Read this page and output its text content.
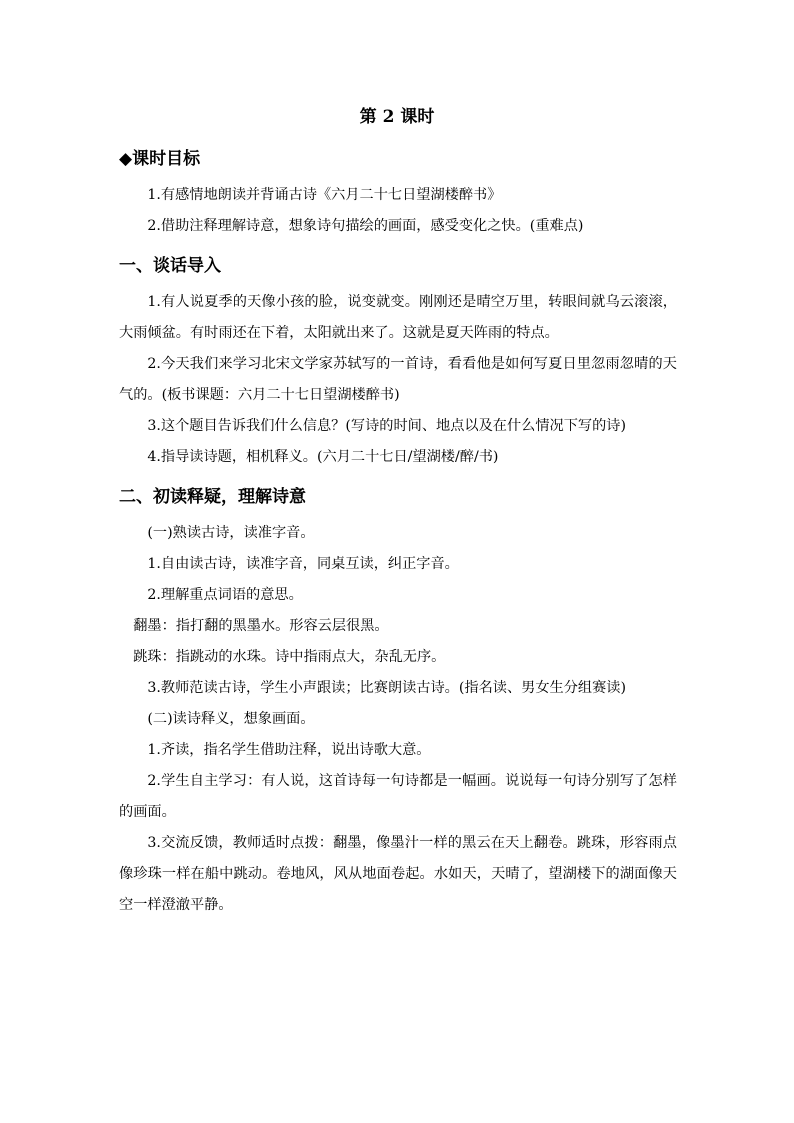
第 2 课时
◆课时目标

1.有感情地朗读并背诵古诗《六月二十七日望湖楼醉书》

2.借助注释理解诗意，想象诗句描绘的画面，感受变化之快。(重难点)

一、谈话导入

1.有人说夏季的天像小孩的脸，说变就变。刚刚还是晴空万里，转眼间就乌云滚滚，大雨倾盆。有时雨还在下着，太阳就出来了。这就是夏天阵雨的特点。

2.今天我们来学习北宋文学家苏轼写的一首诗，看看他是如何写夏日里忽雨忽晴的天气的。(板书课题：六月二十七日望湖楼醉书)

3.这个题目告诉我们什么信息？(写诗的时间、地点以及在什么情况下写的诗)

4.指导读诗题，相机释义。(六月二十七日/望湖楼/醉/书)

二、初读释疑，理解诗意

(一)熟读古诗，读准字音。

1.自由读古诗，读准字音，同桌互读，纠正字音。

2.理解重点词语的意思。

翻墨：指打翻的黑墨水。形容云层很黑。

跳珠：指跳动的水珠。诗中指雨点大，杂乱无序。

3.教师范读古诗，学生小声跟读；比赛朗读古诗。(指名读、男女生分组赛读)

(二)读诗释义，想象画面。

1.齐读，指名学生借助注释，说出诗歌大意。

2.学生自主学习：有人说，这首诗每一句诗都是一幅画。说说每一句诗分别写了怎样的画面。

3.交流反馈，教师适时点拨：翻墨，像墨汁一样的黑云在天上翻卷。跳珠，形容雨点像珍珠一样在船中跳动。卷地风，风从地面卷起。水如天，天晴了，望湖楼下的湖面像天空一样澄澈平静。
